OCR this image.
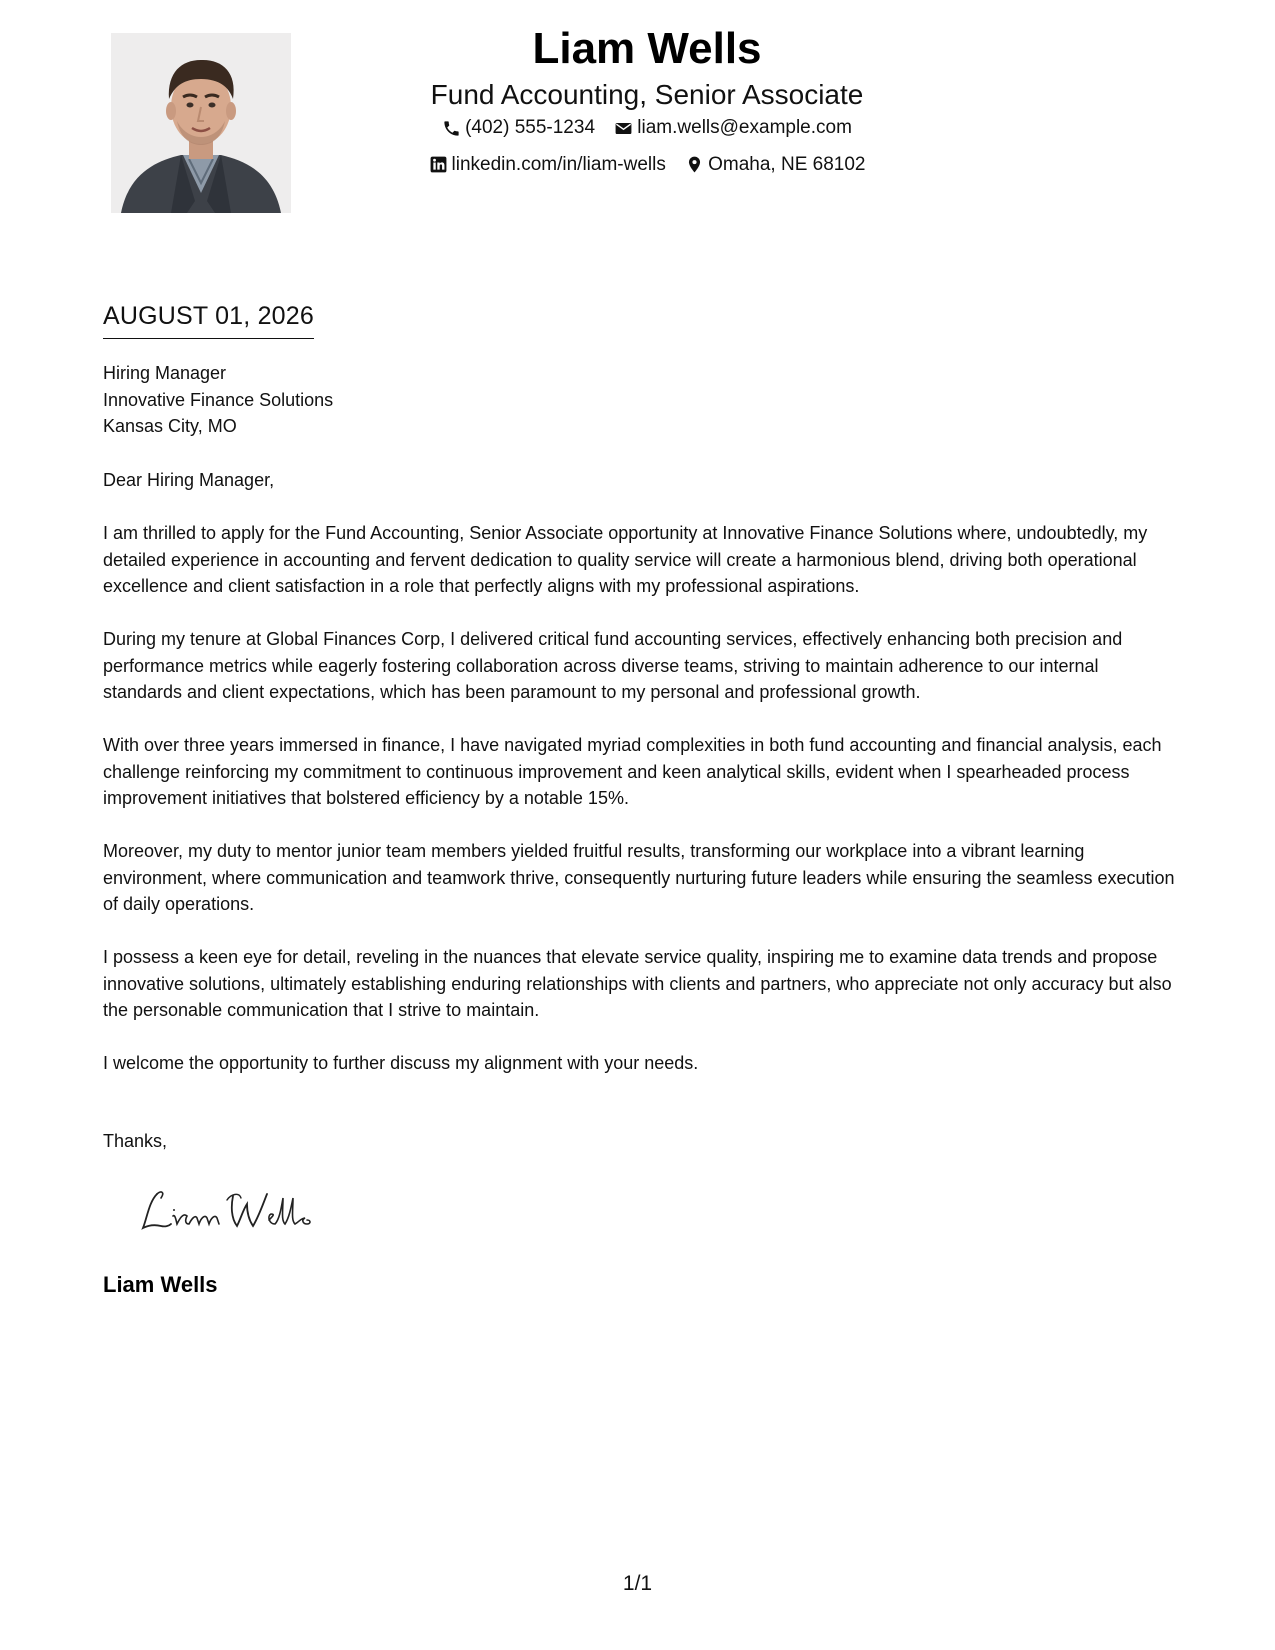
Liam Wells
Fund Accounting, Senior Associate
(402) 555-1234
liam.wells@example.com
linkedin.com/in/liam-wells
Omaha, NE 68102
AUGUST 01, 2026
Hiring Manager
Innovative Finance Solutions
Kansas City, MO

Dear Hiring Manager,

I am thrilled to apply for the Fund Accounting, Senior Associate opportunity at Innovative Finance Solutions where, undoubtedly, my detailed experience in accounting and fervent dedication to quality service will create a harmonious blend, driving both operational excellence and client satisfaction in a role that perfectly aligns with my professional aspirations.

During my tenure at Global Finances Corp, I delivered critical fund accounting services, effectively enhancing both precision and performance metrics while eagerly fostering collaboration across diverse teams, striving to maintain adherence to our internal standards and client expectations, which has been paramount to my personal and professional growth.

With over three years immersed in finance, I have navigated myriad complexities in both fund accounting and financial analysis, each challenge reinforcing my commitment to continuous improvement and keen analytical skills, evident when I spearheaded process improvement initiatives that bolstered efficiency by a notable 15%.

Moreover, my duty to mentor junior team members yielded fruitful results, transforming our workplace into a vibrant learning environment, where communication and teamwork thrive, consequently nurturing future leaders while ensuring the seamless execution of daily operations.

I possess a keen eye for detail, reveling in the nuances that elevate service quality, inspiring me to examine data trends and propose innovative solutions, ultimately establishing enduring relationships with clients and partners, who appreciate not only accuracy but also the personable communication that I strive to maintain.

I welcome the opportunity to further discuss my alignment with your needs.

Thanks,
Liam Wells
1/1
